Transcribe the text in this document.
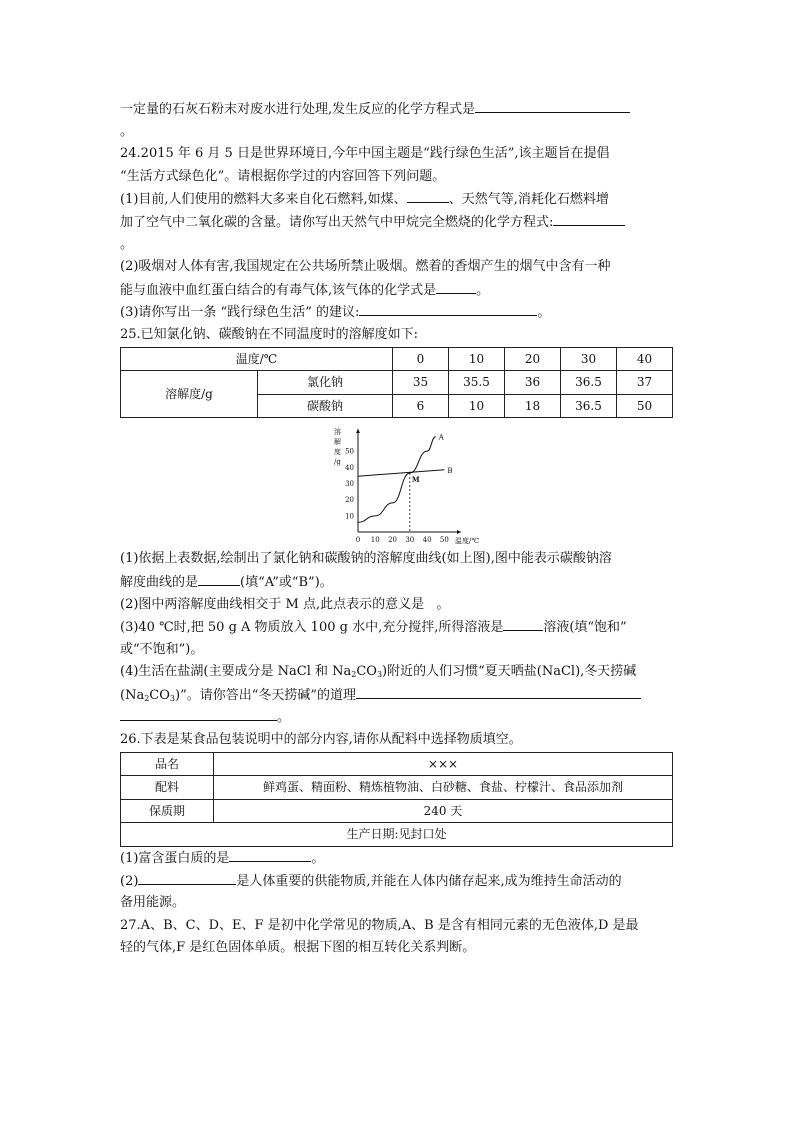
一定量的石灰石粉末对废水进行处理,发生反应的化学方程式是
。
24.2015 年 6 月 5 日是世界环境日,今年中国主题是“践行绿色生活”,该主题旨在提倡
“生活方式绿色化”。请根据你学过的内容回答下列问题。
(1)目前,人们使用的燃料大多来自化石燃料,如煤、	、天然气等,消耗化石燃料增
加了空气中二氧化碳的含量。请你写出天然气中甲烷完全燃烧的化学方程式:
。
(2)吸烟对人体有害,我国规定在公共场所禁止吸烟。燃着的香烟产生的烟气中含有一种
能与血液中血红蛋白结合的有毒气体,该气体的化学式是	。
(3)请你写出一条 “践行绿色生活” 的建议:	。
25.已知氯化钠、碳酸钠在不同温度时的溶解度如下:
温度/℃		0	10	20	30	40
溶解度/g	氯化钠	35	35.5	36	36.5	37
	碳酸钠	6	10	18	36.5	50
溶
解
度
/g
10
20
30
40
50
0 10 20 30 40 50 温度/℃
A
B
M
(1)依据上表数据,绘制出了氯化钠和碳酸钠的溶解度曲线(如上图),图中能表示碳酸钠溶
解度曲线的是	(填“A”或“B”)。
(2)图中两溶解度曲线相交于 M 点,此点表示的意义是 。
(3)40 ℃时,把 50 g A 物质放入 100 g 水中,充分搅拌,所得溶液是	溶液(填“饱和”
或“不饱和”)。
(4)生活在盐湖(主要成分是 NaCl 和 $Na_2CO_3$)附近的人们习惯“夏天晒盐(NaCl),冬天捞碱
$(Na_2CO_3)$”。请你答出“冬天捞碱”的道理
。
26.下表是某食品包装说明中的部分内容,请你从配料中选择物质填空。
品名	×××
配料	鲜鸡蛋、精面粉、精炼植物油、白砂糖、食盐、柠檬汁、食品添加剂
保质期	240 天
生产日期:见封口处	
(1)富含蛋白质的是	。
(2)	是人体重要的供能物质,并能在人体内储存起来,成为维持生命活动的
备用能源。
27.A、B、C、D、E、F 是初中化学常见的物质,A、B 是含有相同元素的无色液体,D 是最
轻的气体,F 是红色固体单质。根据下图的相互转化关系判断。
